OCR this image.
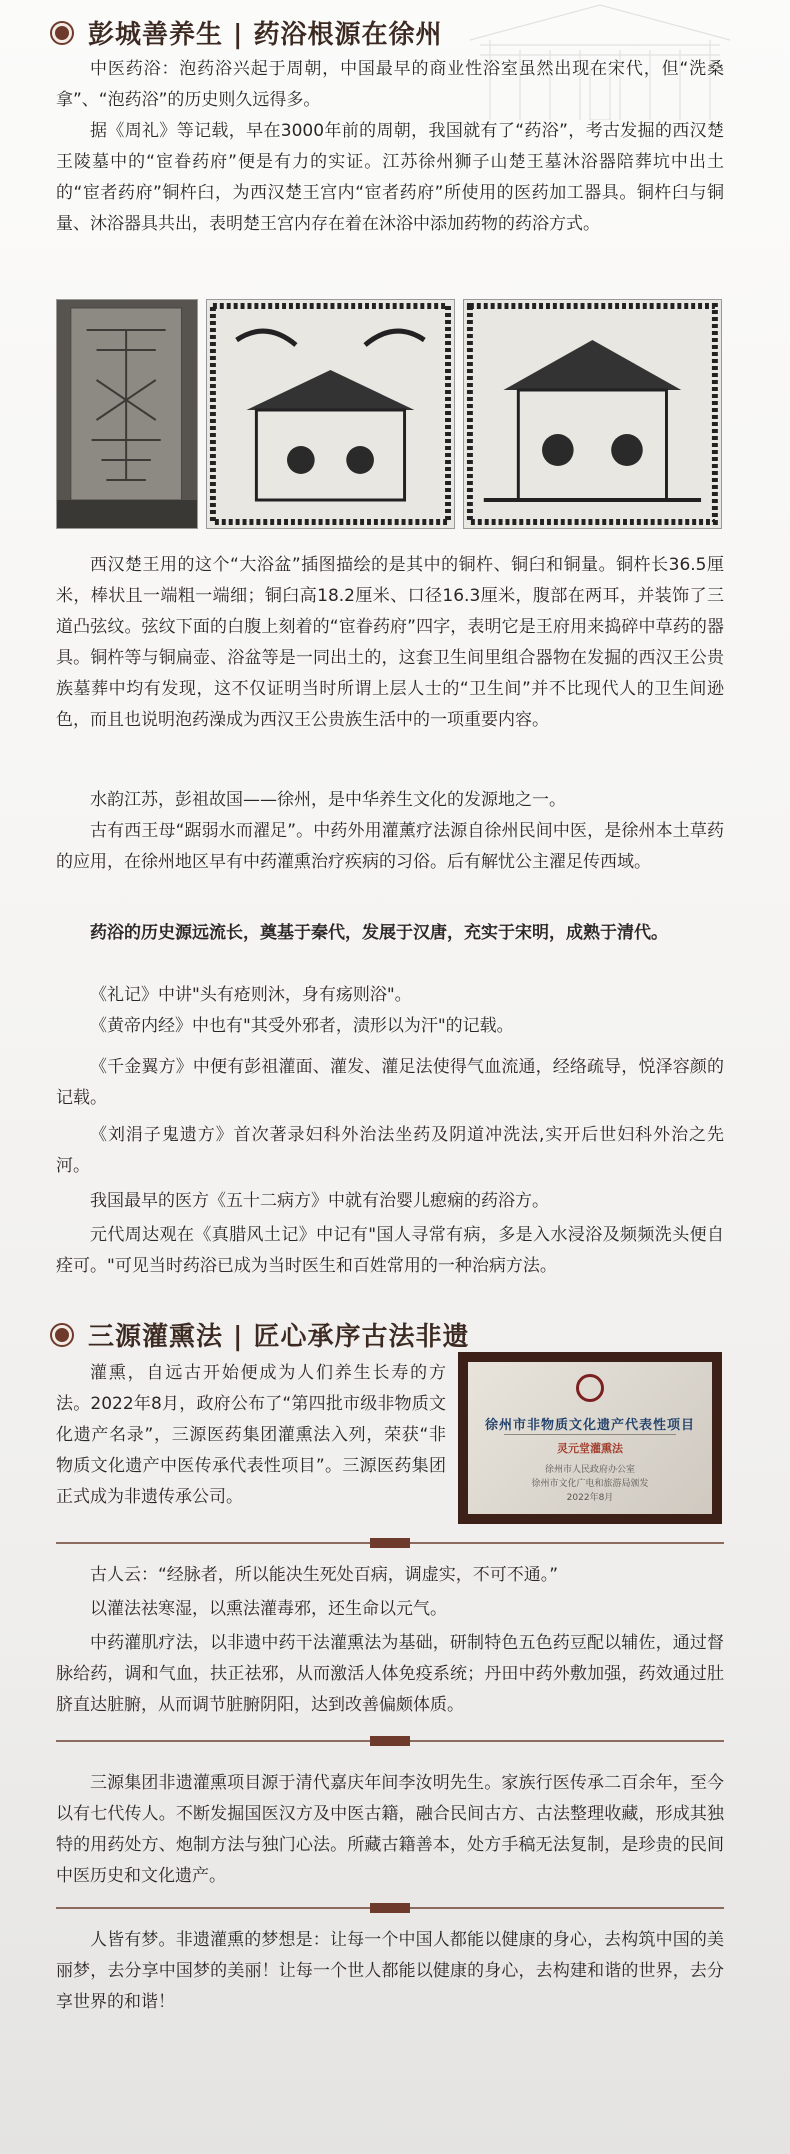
彭城善养生 | 药浴根源在徐州

中医药浴：泡药浴兴起于周朝，中国最早的商业性浴室虽然出现在宋代，但“洗桑拿”、“泡药浴”的历史则久远得多。

据《周礼》等记载，早在3000年前的周朝，我国就有了“药浴”，考古发掘的西汉楚王陵墓中的“宦眷药府”便是有力的实证。江苏徐州狮子山楚王墓沐浴器陪葬坑中出土的“宦者药府”铜杵臼，为西汉楚王宫内“宦者药府”所使用的医药加工器具。铜杵臼与铜量、沐浴器具共出，表明楚王宫内存在着在沐浴中添加药物的药浴方式。

西汉楚王用的这个“大浴盆”插图描绘的是其中的铜杵、铜臼和铜量。铜杵长36.5厘米，棒状且一端粗一端细；铜臼高18.2厘米、口径16.3厘米，腹部在两耳，并装饰了三道凸弦纹。弦纹下面的白腹上刻着的“宦眷药府”四字，表明它是王府用来捣碎中草药的器具。铜杵等与铜扁壶、浴盆等是一同出土的，这套卫生间里组合器物在发掘的西汉王公贵族墓葬中均有发现，这不仅证明当时所谓上层人士的“卫生间”并不比现代人的卫生间逊色，而且也说明泡药澡成为西汉王公贵族生活中的一项重要内容。

水韵江苏，彭祖故国——徐州，是中华养生文化的发源地之一。

古有西王母“踞弱水而濯足”。中药外用灌薰疗法源自徐州民间中医，是徐州本土草药的应用，在徐州地区早有中药灌熏治疗疾病的习俗。后有解忧公主濯足传西域。

药浴的历史源远流长，奠基于秦代，发展于汉唐，充实于宋明，成熟于清代。

《礼记》中讲"头有疮则沐，身有疡则浴"。

《黄帝内经》中也有"其受外邪者，渍形以为汗"的记载。

《千金翼方》中便有彭祖灌面、灌发、灌足法使得气血流通，经络疏导，悦泽容颜的记载。

《刘涓子鬼遗方》首次著录妇科外治法坐药及阴道冲洗法,实开后世妇科外治之先河。

我国最早的医方《五十二病方》中就有治婴儿瘛痫的药浴方。

元代周达观在《真腊风土记》中记有"国人寻常有病，多是入水浸浴及频频洗头便自痊可。"可见当时药浴已成为当时医生和百姓常用的一种治病方法。

三源灌熏法 | 匠心承序古法非遗

灌熏，自远古开始便成为人们养生长寿的方法。2022年8月，政府公布了“第四批市级非物质文化遗产名录”，三源医药集团灌熏法入列，荣获“非物质文化遗产中医传承代表性项目”。三源医药集团正式成为非遗传承公司。

徐州市非物质文化遗产代表性项目
灵元堂灌熏法
徐州市人民政府办公室
徐州市文化广电和旅游局颁发
2022年8月

古人云：“经脉者，所以能决生死处百病，调虚实，不可不通。”

以灌法祛寒湿，以熏法灌毒邪，还生命以元气。

中药灌肌疗法，以非遗中药干法灌熏法为基础，研制特色五色药豆配以辅佐，通过督脉给药，调和气血，扶正祛邪，从而激活人体免疫系统；丹田中药外敷加强，药效通过肚脐直达脏腑，从而调节脏腑阴阳，达到改善偏颇体质。

三源集团非遗灌熏项目源于清代嘉庆年间李汝明先生。家族行医传承二百余年，至今以有七代传人。不断发掘国医汉方及中医古籍，融合民间古方、古法整理收藏，形成其独特的用药处方、炮制方法与独门心法。所藏古籍善本，处方手稿无法复制，是珍贵的民间中医历史和文化遗产。

人皆有梦。非遗灌熏的梦想是：让每一个中国人都能以健康的身心，去构筑中国的美丽梦，去分享中国梦的美丽！让每一个世人都能以健康的身心，去构建和谐的世界，去分享世界的和谐！
